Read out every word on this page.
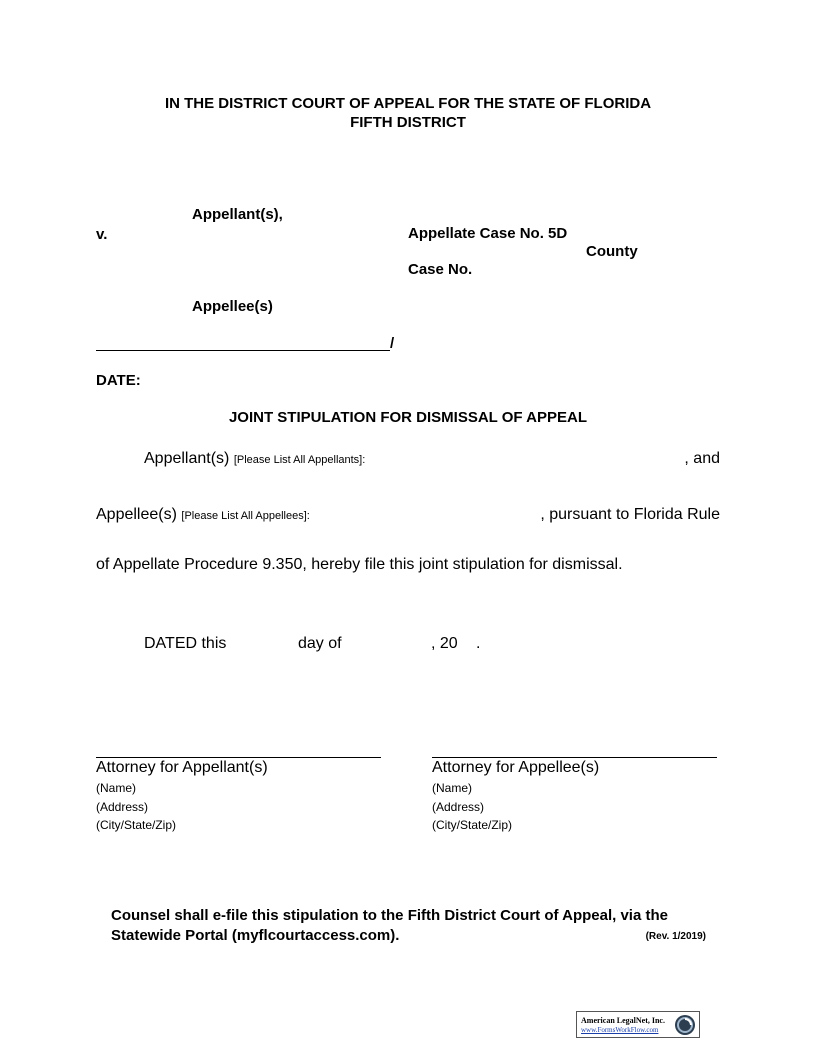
IN THE DISTRICT COURT OF APPEAL FOR THE STATE OF FLORIDA
FIFTH DISTRICT
Appellant(s),
v.	Appellate Case No. 5D
County
Case No.
Appellee(s)
/
DATE:
JOINT STIPULATION FOR DISMISSAL OF APPEAL
Appellant(s) [Please List All Appellants]:	, and
Appellee(s) [Please List All Appellees]:	, pursuant to Florida Rule
of Appellate Procedure 9.350, hereby file this joint stipulation for dismissal.
DATED this	day of	, 20 .
Attorney for Appellant(s)
(Name)
(Address)
(City/State/Zip)
Attorney for Appellee(s)
(Name)
(Address)
(City/State/Zip)
Counsel shall e-file this stipulation to the Fifth District Court of Appeal, via the
Statewide Portal (myflcourtaccess.com).	(Rev. 1/2019)
American LegalNet, Inc.
www.FormsWorkFlow.com
